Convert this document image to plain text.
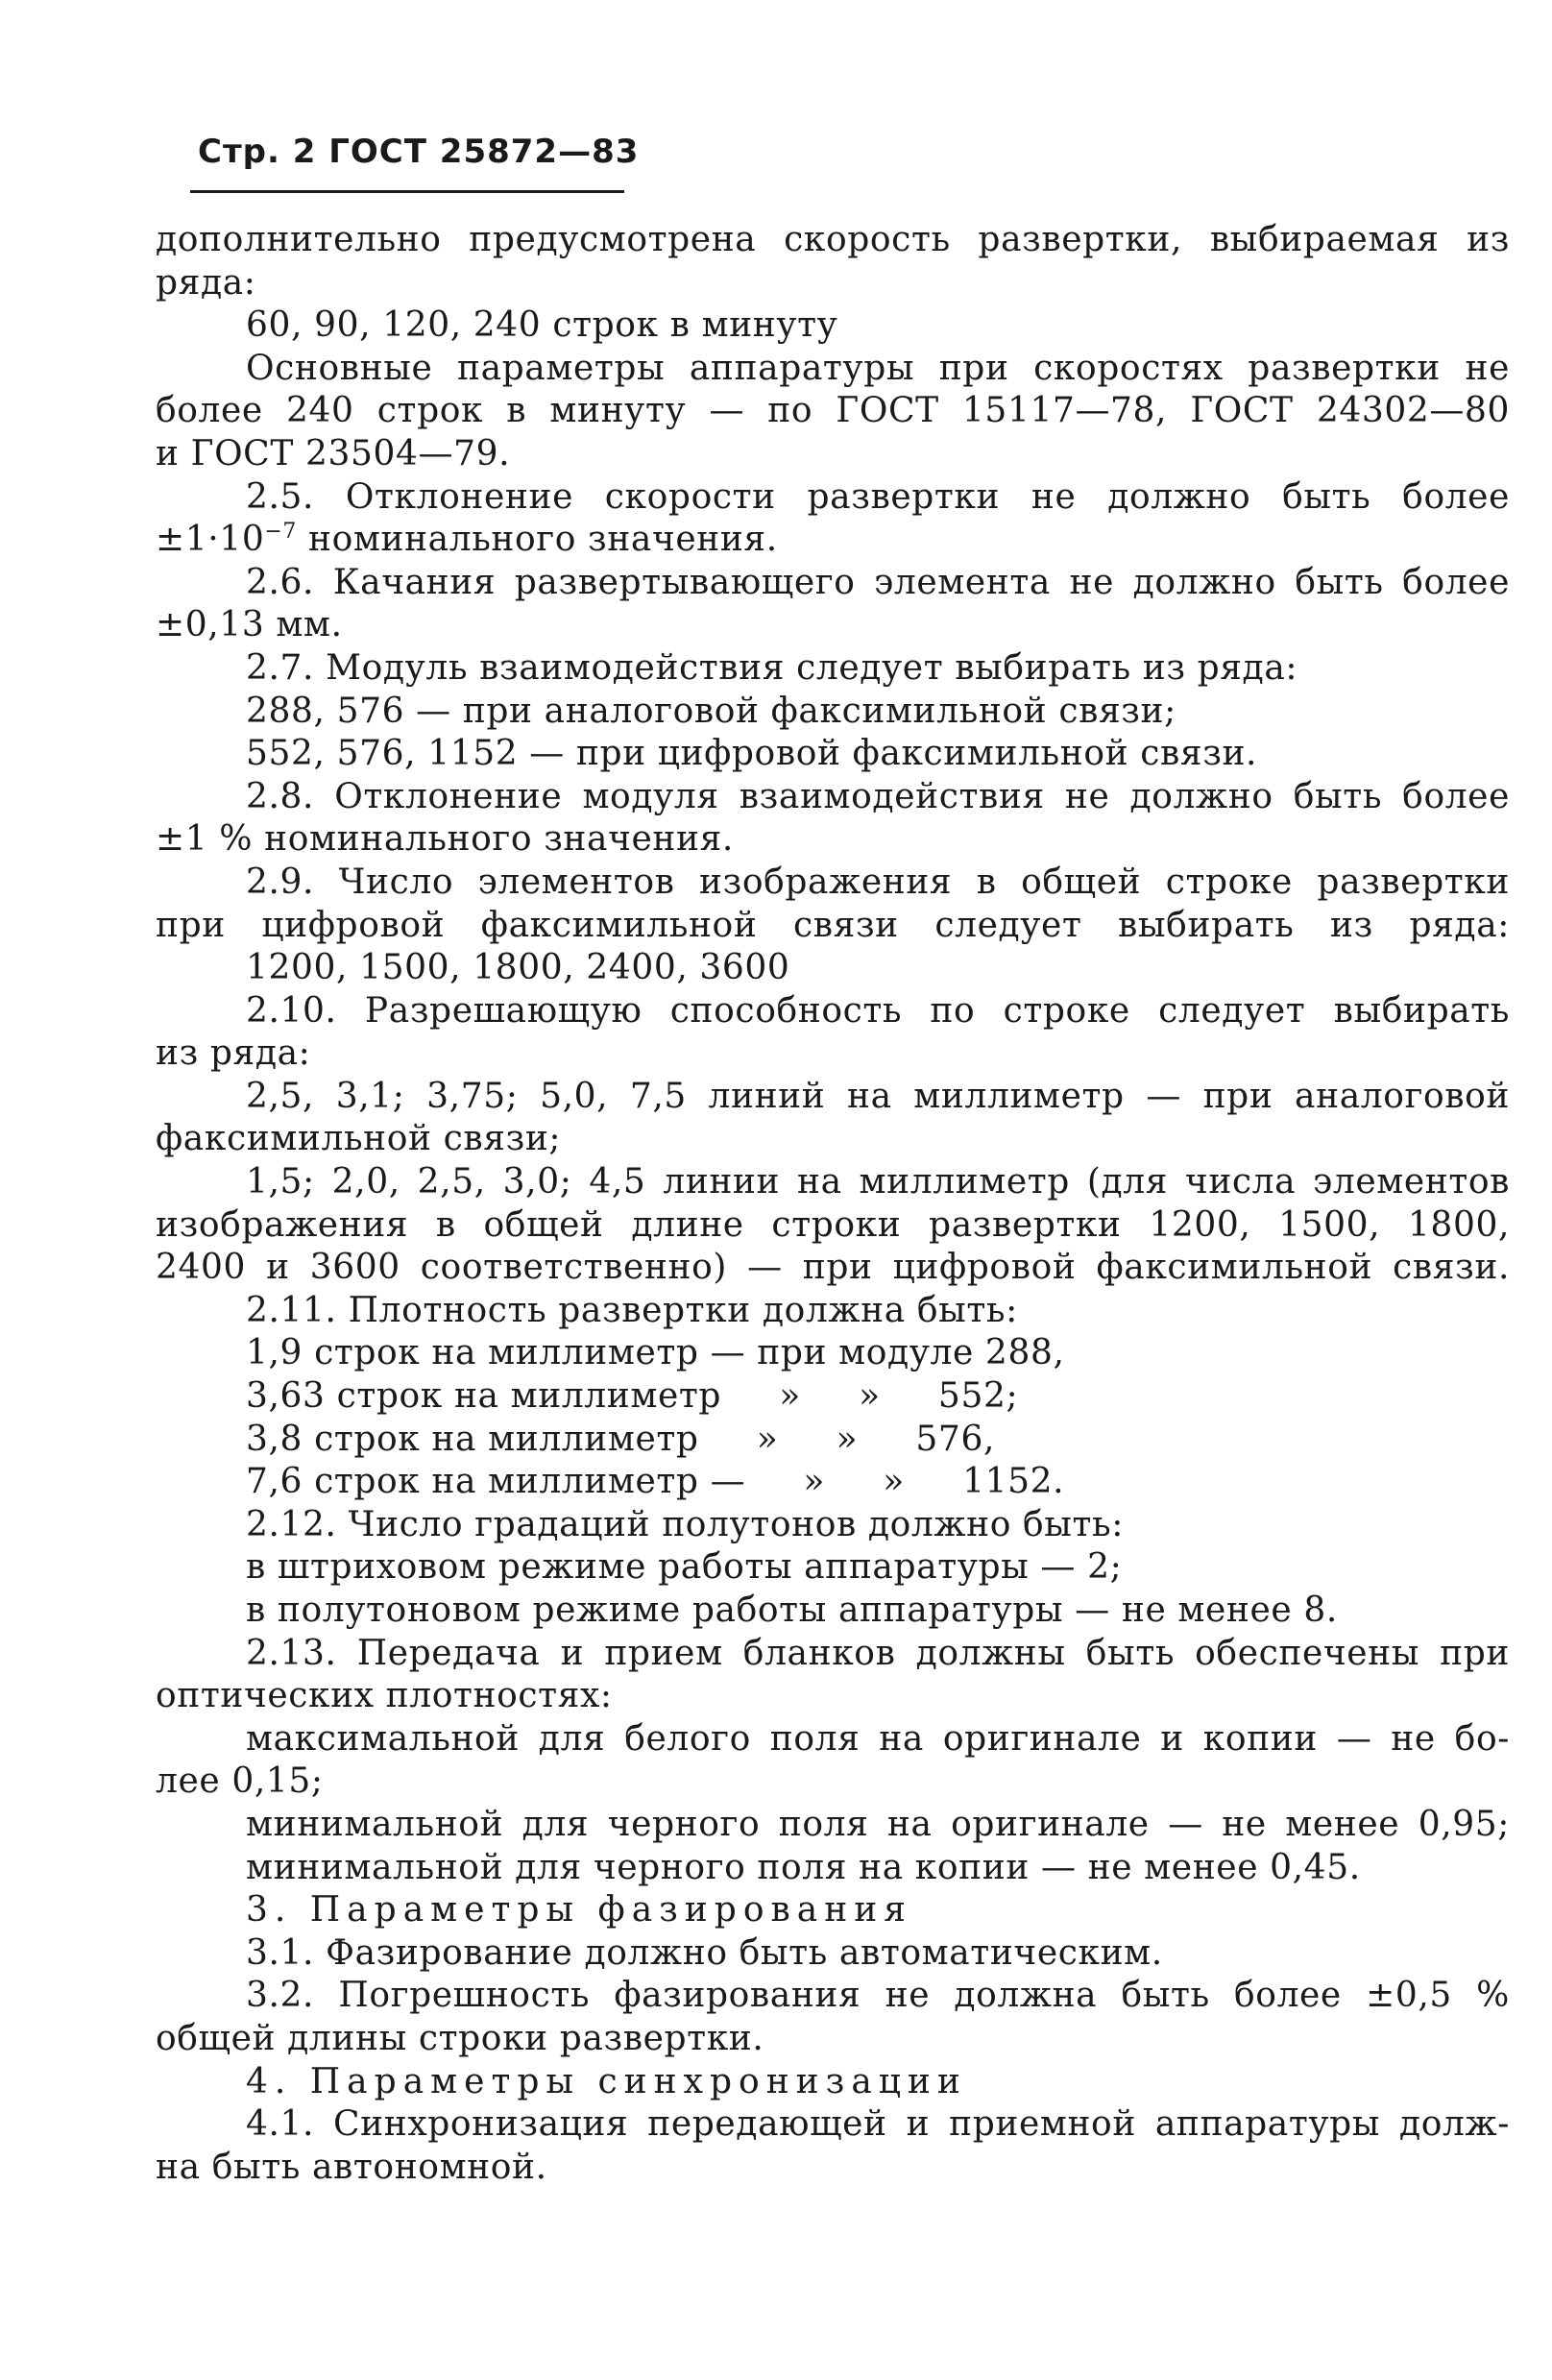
Стр. 2 ГОСТ 25872—83
дополнительно предусмотрена скорость развертки, выбираемая из
ряда:
60, 90, 120, 240 строк в минуту
Основные параметры аппаратуры при скоростях развертки не
более 240 строк в минуту — по ГОСТ 15117—78, ГОСТ 24302—80
и ГОСТ 23504—79.
2.5. Отклонение скорости развертки не должно быть более
$\pm 1\cdot 10^{-7}$ номинального значения.
2.6. Качания развертывающего элемента не должно быть более
±0,13 мм.
2.7. Модуль взаимодействия следует выбирать из ряда:
288, 576 — при аналоговой факсимильной связи;
552, 576, 1152 — при цифровой факсимильной связи.
2.8. Отклонение модуля взаимодействия не должно быть более
±1 % номинального значения.
2.9. Число элементов изображения в общей строке развертки
при цифровой факсимильной связи следует выбирать из ряда:
1200, 1500, 1800, 2400, 3600
2.10. Разрешающую способность по строке следует выбирать
из ряда:
2,5, 3,1; 3,75; 5,0, 7,5 линий на миллиметр — при аналоговой
факсимильной связи;
1,5; 2,0, 2,5, 3,0; 4,5 линии на миллиметр (для числа элементов
изображения в общей длине строки развертки 1200, 1500, 1800,
2400 и 3600 соответственно) — при цифровой факсимильной связи.
2.11. Плотность развертки должна быть:
1,9 строк на миллиметр — при модуле 288,
3,63 строк на миллиметр     »     »     552;
3,8 строк на миллиметр     »     »     576,
7,6 строк на миллиметр —     »     »     1152.
2.12. Число градаций полутонов должно быть:
в штриховом режиме работы аппаратуры — 2;
в полутоновом режиме работы аппаратуры — не менее 8.
2.13. Передача и прием бланков должны быть обеспечены при
оптических плотностях:
максимальной для белого поля на оригинале и копии — не бо-
лее 0,15;
минимальной для черного поля на оригинале — не менее 0,95;
минимальной для черного поля на копии — не менее 0,45.
3. Параметры фазирования
3.1. Фазирование должно быть автоматическим.
3.2. Погрешность фазирования не должна быть более ±0,5 %
общей длины строки развертки.
4. Параметры синхронизации
4.1. Синхронизация передающей и приемной аппаратуры долж-
на быть автономной.
